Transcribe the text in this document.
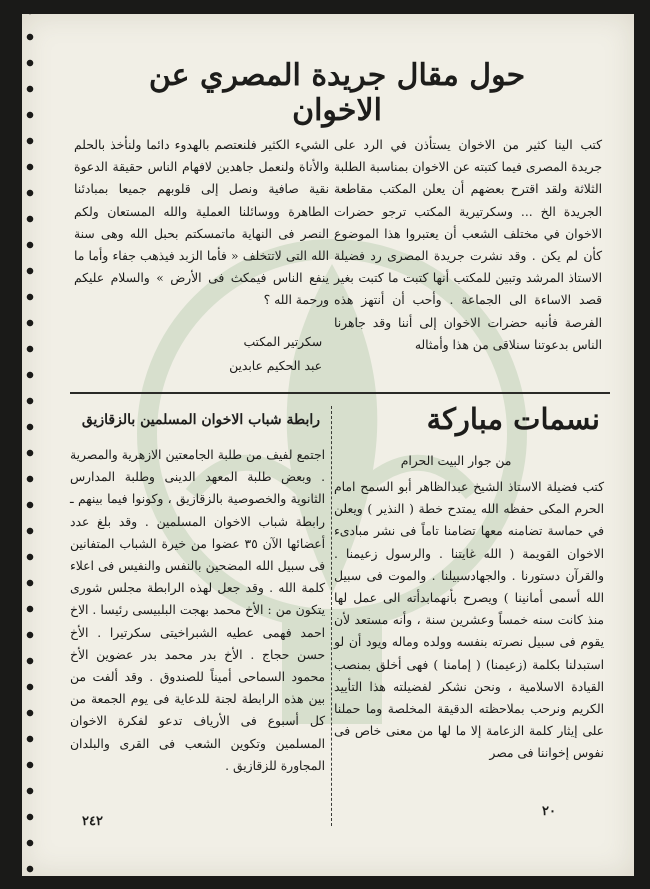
حول مقال جريدة المصري عن الاخوان

كتب الينا كثير من الاخوان يستأذن في الرد على جريدة المصرى فيما كتبته عن الاخوان بمناسبة الطلبة الثلاثة ولقد اقترح بعضهم أن يعلن المكتب مقاطعة الجريدة الخ ... وسكرتيرية المكتب ترجو حضرات الاخوان في مختلف الشعب أن يعتبروا هذا الموضوع كأن لم يكن . وقد نشرت جريدة المصرى رد فضيلة الاستاذ المرشد وتبين للمكتب أنها كتبت ما كتبت بغير قصد الاساءة الى الجماعة . وأحب أن أنتهز هذه الفرصة فأنبه حضرات الاخوان إلى أننا وقد جاهرنا الناس بدعوتنا سنلاقى من هذا وأمثاله

الشيء الكثير فلنعتصم بالهدوء دائما ولنأخذ بالحلم والأناة ولنعمل جاهدين لافهام الناس حقيقة الدعوة نقية صافية ونصل إلى قلوبهم جميعا بمبادئنا الطاهرة ووسائلنا العملية والله المستعان ولكم النصر فى النهاية ماتمسكتم بحبل الله وهى سنة الله التى لاتتخلف « فأما الزبد فيذهب جفاء وأما ما ينفع الناس فيمكث فى الأرض » والسلام عليكم ورحمة الله ؟

سكرتير المكتب
عبد الحكيم عابدين
نسمات مباركة
من جوار البيت الحرام

كتب فضيلة الاستاذ الشيخ عبدالظاهر أبو السمح امام الحرم المكى حفظه الله يمتدح خطة ( النذير ) ويعلن في حماسة تضامنه معها تضامنا تاماً فى نشر مبادىء الاخوان القويمة ( الله غايتنا . والرسول زعيمنا . والقرآن دستورنا . والجهادسبيلنا . والموت فى سبيل الله أسمى أمانينا ) ويصرح بأنهمابدأته الى عمل لها منذ كانت سنه خمساً وعشرين سنة ، وأنه مستعد لأن يقوم فى سبيل نصرته بنفسه وولده وماله ويود أن لو استبدلنا بكلمة (زعيمنا) ( إمامنا ) فهى أخلق بمنصب القيادة الاسلامية ، ونحن نشكر لفضيلته هذا التأييد الكريم ونرحب بملاحظته الدقيقة المخلصة وما حملنا على إيثار كلمة الزعامة إلا ما لها من معنى خاص فى نفوس إخواننا فى مصر

رابطة شباب الاخوان المسلمين بالزقازيق

اجتمع لفيف من طلبة الجامعتين الازهرية والمصرية . وبعض طلبة المعهد الدينى وطلبة المدارس الثانوية والخصوصية بالزقازيق ، وكونوا فيما بينهم ـ رابطة شباب الاخوان المسلمين . وقد بلغ عدد أعضائها الآن ٣٥ عضوا من خيرة الشباب المتفانين فى سبيل الله المضحين بالنفس والنفيس فى اعلاء كلمة الله . وقد جعل لهذه الرابطة مجلس شورى يتكون من : الأخ محمد بهجت البلبيسى رئيسا . الاخ احمد فهمى عطيه الشبراخيتى سكرتيرا . الأخ حسن حجاج . الأخ بدر محمد بدر عضوين الأخ محمود السماحى أميناً للصندوق . وقد ألفت من بين هذه الرابطة لجنة للدعاية فى يوم الجمعة من كل أسبوع فى الأرياف تدعو لفكرة الاخوان المسلمين وتكوين الشعب فى القرى والبلدان المجاورة للزقازيق .

٢٤٢
٢٠
